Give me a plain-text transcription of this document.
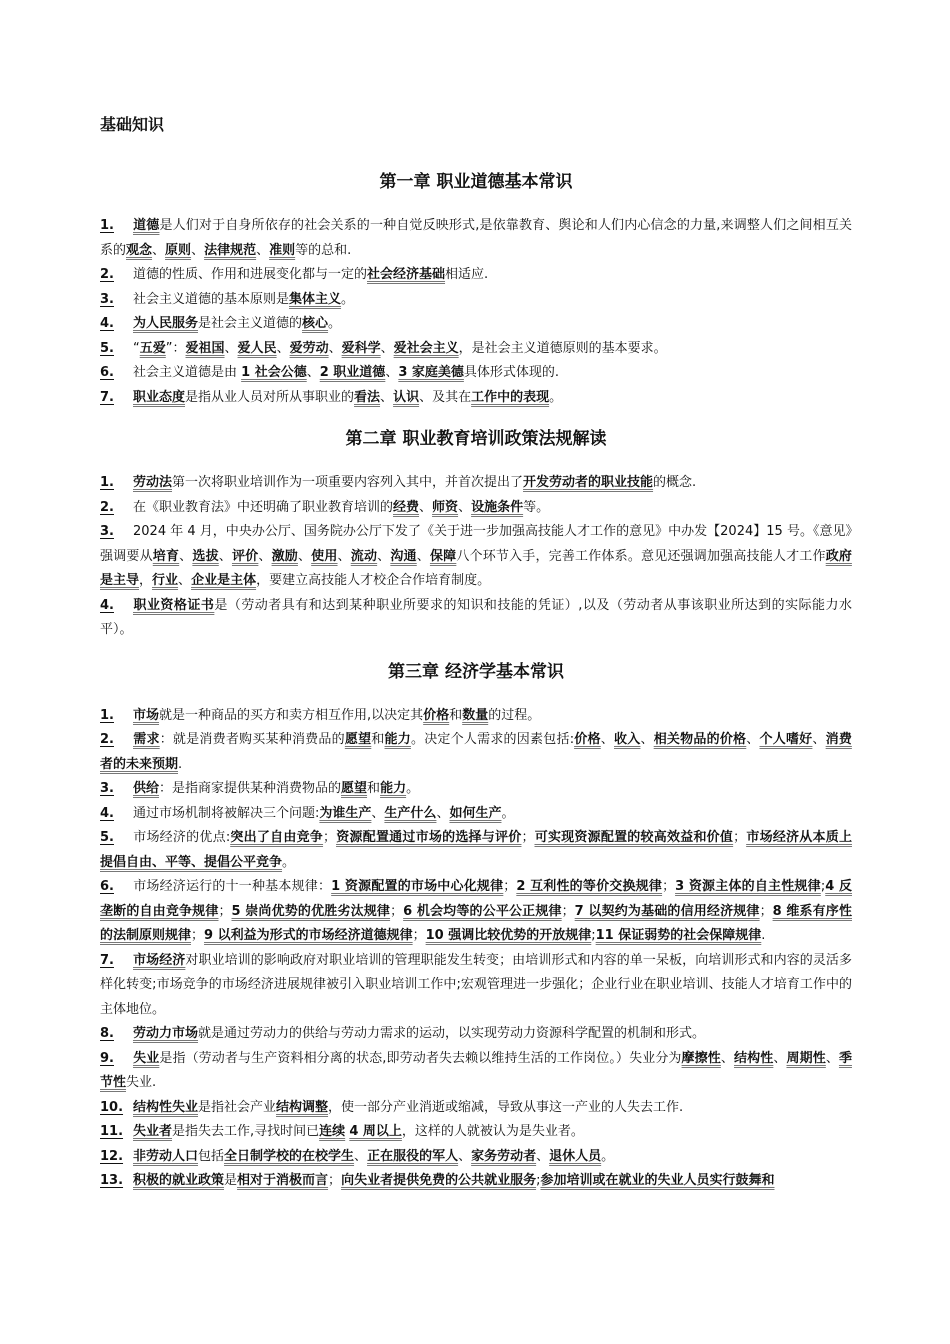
基础知识
第一章 职业道德基本常识

1. 道德是人们对于自身所依存的社会关系的一种自觉反映形式,是依靠教育、舆论和人们内心信念的力量,来调整人们之间相互关系的观念、原则、法律规范、准则等的总和.

2. 道德的性质、作用和进展变化都与一定的社会经济基础相适应.

3. 社会主义道德的基本原则是集体主义。

4. 为人民服务是社会主义道德的核心。

5. “五爱”：爱祖国、爱人民、爱劳动、爱科学、爱社会主义，是社会主义道德原则的基本要求。

6. 社会主义道德是由 1 社会公德、2 职业道德、3 家庭美德具体形式体现的.

7. 职业态度是指从业人员对所从事职业的看法、认识、及其在工作中的表现。

第二章 职业教育培训政策法规解读

1. 劳动法第一次将职业培训作为一项重要内容列入其中，并首次提出了开发劳动者的职业技能的概念.

2. 在《职业教育法》中还明确了职业教育培训的经费、师资、设施条件等。

3. 2024 年 4 月，中央办公厅、国务院办公厅下发了《关于进一步加强高技能人才工作的意见》中办发【2024】15 号。《意见》强调要从培育、选拔、评价、激励、使用、流动、沟通、保障八个环节入手，完善工作体系。意见还强调加强高技能人才工作政府是主导，行业、企业是主体，要建立高技能人才校企合作培育制度。

4. 职业资格证书是（劳动者具有和达到某种职业所要求的知识和技能的凭证）,以及（劳动者从事该职业所达到的实际能力水平）。

第三章 经济学基本常识

1. 市场就是一种商品的买方和卖方相互作用,以决定其价格和数量的过程。

2. 需求：就是消费者购买某种消费品的愿望和能力。决定个人需求的因素包括:价格、收入、相关物品的价格、个人嗜好、消费者的未来预期.

3. 供给：是指商家提供某种消费物品的愿望和能力。

4. 通过市场机制将被解决三个问题:为谁生产、生产什么、如何生产。

5. 市场经济的优点:突出了自由竞争；资源配置通过市场的选择与评价；可实现资源配置的较高效益和价值；市场经济从本质上提倡自由、平等、提倡公平竞争。

6. 市场经济运行的十一种基本规律：1 资源配置的市场中心化规律；2 互利性的等价交换规律；3 资源主体的自主性规律;4 反垄断的自由竞争规律；5 崇尚优势的优胜劣汰规律；6 机会均等的公平公正规律；7 以契约为基础的信用经济规律；8 维系有序性的法制原则规律；9 以利益为形式的市场经济道德规律；10 强调比较优势的开放规律;11 保证弱势的社会保障规律.

7. 市场经济对职业培训的影响政府对职业培训的管理职能发生转变；由培训形式和内容的单一呆板，向培训形式和内容的灵活多样化转变;市场竞争的市场经济进展规律被引入职业培训工作中;宏观管理进一步强化；企业行业在职业培训、技能人才培育工作中的主体地位。

8. 劳动力市场就是通过劳动力的供给与劳动力需求的运动，以实现劳动力资源科学配置的机制和形式。

9. 失业是指（劳动者与生产资料相分离的状态,即劳动者失去赖以维持生活的工作岗位。）失业分为摩擦性、结构性、周期性、季节性失业.

10. 结构性失业是指社会产业结构调整，使一部分产业消逝或缩减，导致从事这一产业的人失去工作.

11. 失业者是指失去工作,寻找时间已连续 4 周以上，这样的人就被认为是失业者。

12. 非劳动人口包括全日制学校的在校学生、正在服役的军人、家务劳动者、退休人员。

13. 积极的就业政策是相对于消极而言；向失业者提供免费的公共就业服务;参加培训或在就业的失业人员实行鼓舞和
